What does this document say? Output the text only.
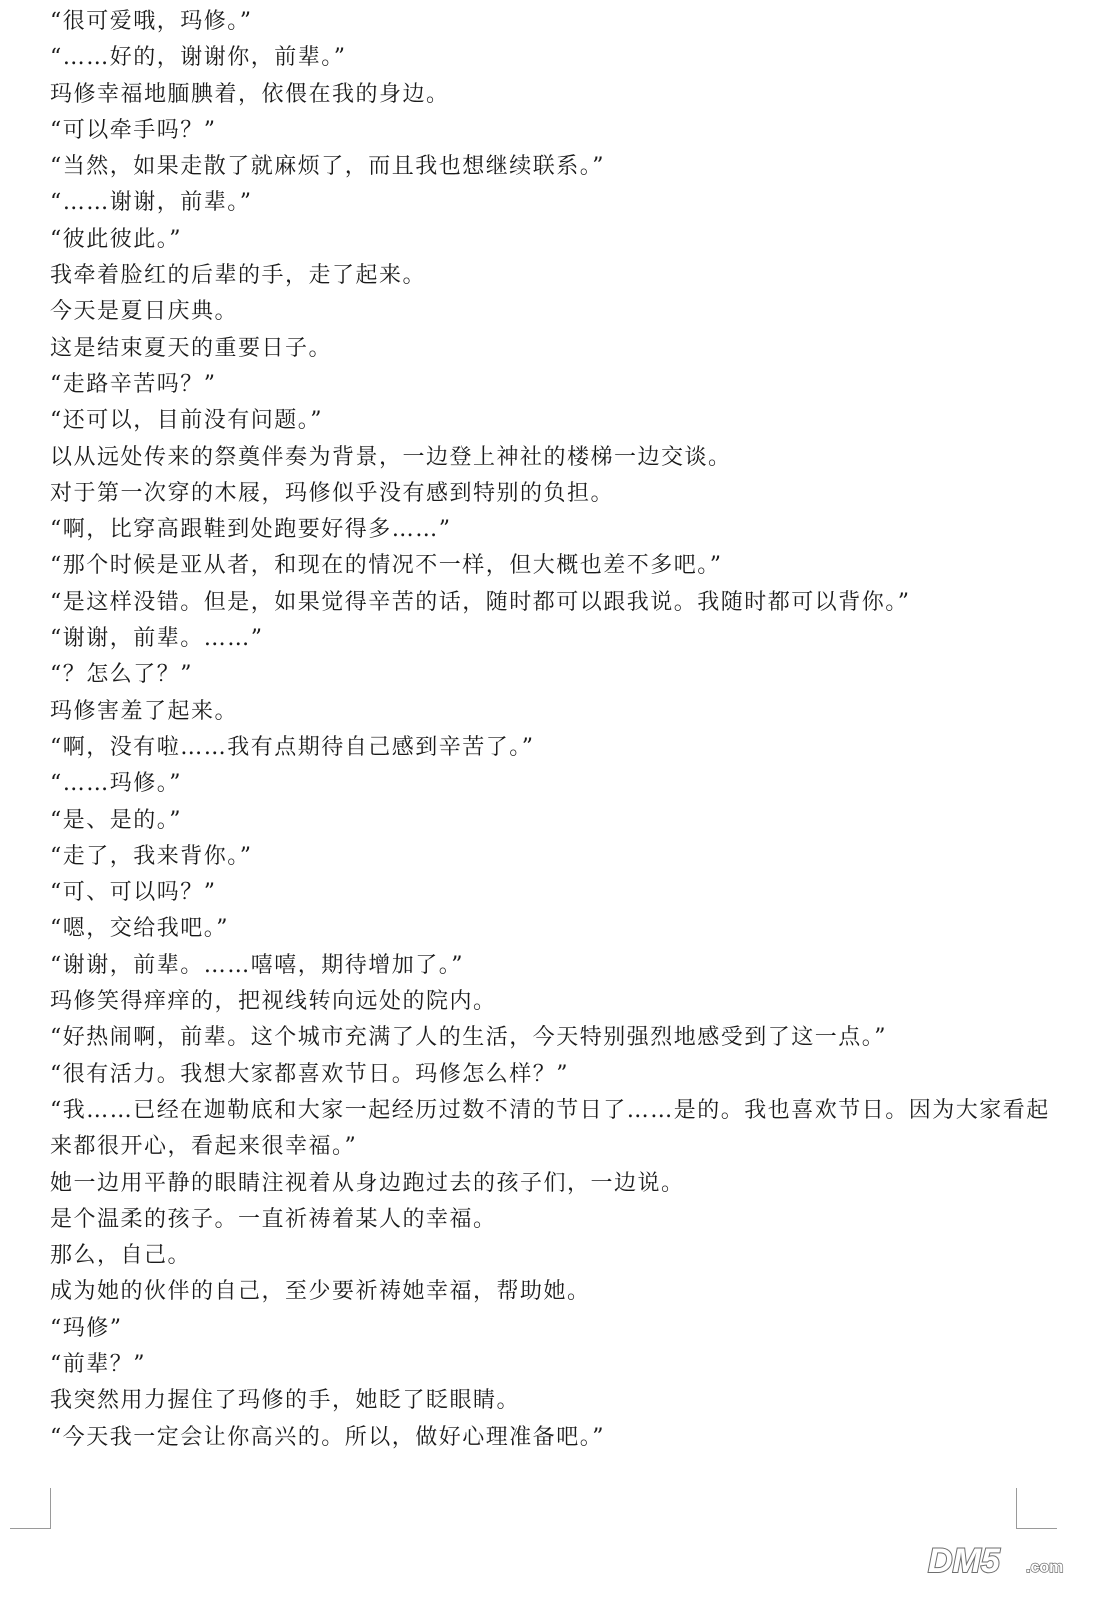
“很可爱哦，玛修。”

“……好的，谢谢你，前辈。”

玛修幸福地腼腆着，依偎在我的身边。

“可以牵手吗？”

“当然，如果走散了就麻烦了，而且我也想继续联系。”

“……谢谢，前辈。”

“彼此彼此。”

我牵着脸红的后辈的手，走了起来。

今天是夏日庆典。

这是结束夏天的重要日子。

“走路辛苦吗？”

“还可以，目前没有问题。”

以从远处传来的祭奠伴奏为背景，一边登上神社的楼梯一边交谈。

对于第一次穿的木屐，玛修似乎没有感到特别的负担。

“啊，比穿高跟鞋到处跑要好得多……”

“那个时候是亚从者，和现在的情况不一样，但大概也差不多吧。”

“是这样没错。但是，如果觉得辛苦的话，随时都可以跟我说。我随时都可以背你。”

“谢谢，前辈。……”

“？怎么了？”

玛修害羞了起来。

“啊，没有啦……我有点期待自己感到辛苦了。”

“……玛修。”

“是、是的。”

“走了，我来背你。”

“可、可以吗？”

“嗯，交给我吧。”

“谢谢，前辈。……嘻嘻，期待增加了。”

玛修笑得痒痒的，把视线转向远处的院内。

“好热闹啊，前辈。这个城市充满了人的生活，今天特别强烈地感受到了这一点。”

“很有活力。我想大家都喜欢节日。玛修怎么样？”

“我……已经在迦勒底和大家一起经历过数不清的节日了……是的。我也喜欢节日。因为大家看起来都很开心，看起来很幸福。”

她一边用平静的眼睛注视着从身边跑过去的孩子们，一边说。

是个温柔的孩子。一直祈祷着某人的幸福。

那么，自己。

成为她的伙伴的自己，至少要祈祷她幸福，帮助她。

“玛修”

“前辈？”

我突然用力握住了玛修的手，她眨了眨眼睛。

“今天我一定会让你高兴的。所以，做好心理准备吧。”

DM5 .com
